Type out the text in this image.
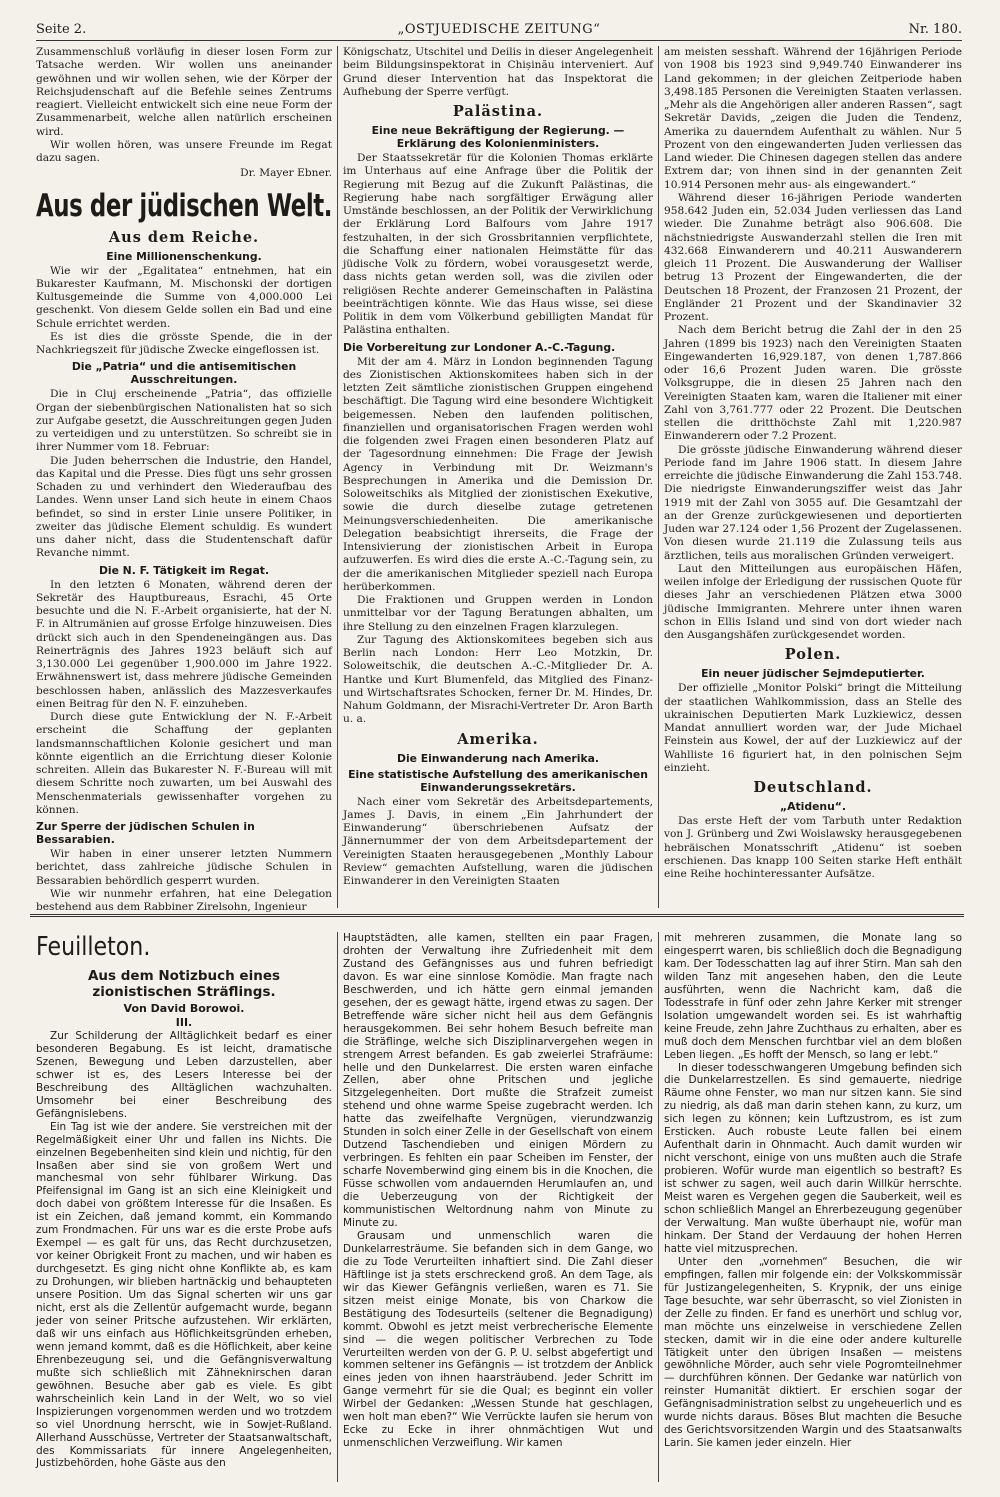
Seite 2.	„OSTJUEDISCHE ZEITUNG“	Nr. 180.

Zusammenschluß vorläufig in dieser losen Form zur Tatsache werden. Wir wollen uns aneinander gewöhnen und wir wollen sehen, wie der Körper der Reichsjudenschaft auf die Befehle seines Zentrums reagiert. Vielleicht entwickelt sich eine neue Form der Zusammenarbeit, welche allen natürlich erscheinen wird.

Wir wollen hören, was unsere Freunde im Regat dazu sagen.

Dr. Mayer Ebner.
Aus der jüdischen Welt.
Aus dem Reiche.
Eine Millionenschenkung.

Wie wir der „Egalitatea“ entnehmen, hat ein Bukarester Kaufmann, M. Mischonski der dortigen Kultusgemeinde die Summe von 4,000.000 Lei geschenkt. Von diesem Gelde sollen ein Bad und eine Schule errichtet werden.

Es ist dies die grösste Spende, die in der Nachkriegszeit für jüdische Zwecke eingeflossen ist.

Die „Patria“ und die antisemitischen Ausschreitungen.

Die in Cluj erscheinende „Patria“, das offizielle Organ der siebenbürgischen Nationalisten hat so sich zur Aufgabe gesetzt, die Ausschreitungen gegen Juden zu verteidigen und zu unterstützen. So schreibt sie in ihrer Nummer vom 18. Februar:

Die Juden beherrschen die Industrie, den Handel, das Kapital und die Presse. Dies fügt uns sehr grossen Schaden zu und verhindert den Wiederaufbau des Landes. Wenn unser Land sich heute in einem Chaos befindet, so sind in erster Linie unsere Politiker, in zweiter das jüdische Element schuldig. Es wundert uns daher nicht, dass die Studentenschaft dafür Revanche nimmt.

Die N. F. Tätigkeit im Regat.

In den letzten 6 Monaten, während deren der Sekretär des Hauptbureaus, Esrachi, 45 Orte besuchte und die N. F.-Arbeit organisierte, hat der N. F. in Altrumänien auf grosse Erfolge hinzuweisen. Dies drückt sich auch in den Spendeneingängen aus. Das Reinerträgnis des Jahres 1923 beläuft sich auf 3,130.000 Lei gegenüber 1,900.000 im Jahre 1922. Erwähnenswert ist, dass mehrere jüdische Gemeinden beschlossen haben, anlässlich des Mazzesverkaufes einen Beitrag für den N. F. einzuheben.

Durch diese gute Entwicklung der N. F.-Arbeit erscheint die Schaffung der geplanten landsmannschaftlichen Kolonie gesichert und man könnte eigentlich an die Errichtung dieser Kolonie schreiten. Allein das Bukarester N. F.-Bureau will mit diesem Schritte noch zuwarten, um bei Auswahl des Menschenmaterials gewissenhafter vorgehen zu können.

Zur Sperre der jüdischen Schulen in Bessarabien.

Wir haben in einer unserer letzten Nummern berichtet, dass zahlreiche jüdische Schulen in Bessarabien behördlich gesperrt wurden.

Wie wir nunmehr erfahren, hat eine Delegation bestehend aus dem Rabbiner Zirelsohn, Ingenieur

Königschatz, Utschitel und Deilis in dieser Angelegenheit beim Bildungsinspektorat in Chișinău interveniert. Auf Grund dieser Intervention hat das Inspektorat die Aufhebung der Sperre verfügt.

Palästina.
Eine neue Bekräftigung der Regierung. — Erklärung des Kolonienministers.

Der Staatssekretär für die Kolonien Thomas erklärte im Unterhaus auf eine Anfrage über die Politik der Regierung mit Bezug auf die Zukunft Palästinas, die Regierung habe nach sorgfältiger Erwägung aller Umstände beschlossen, an der Politik der Verwirklichung der Erklärung Lord Balfours vom Jahre 1917 festzuhalten, in der sich Grossbritannien verpflichtete, die Schaffung einer nationalen Heimstätte für das jüdische Volk zu fördern, wobei vorausgesetzt werde, dass nichts getan werden soll, was die zivilen oder religiösen Rechte anderer Gemeinschaften in Palästina beeinträchtigen könnte. Wie das Haus wisse, sei diese Politik in dem vom Völkerbund gebilligten Mandat für Palästina enthalten.

Die Vorbereitung zur Londoner A.-C.-Tagung.

Mit der am 4. März in London beginnenden Tagung des Zionistischen Aktionskomitees haben sich in der letzten Zeit sämtliche zionistischen Gruppen eingehend beschäftigt. Die Tagung wird eine besondere Wichtigkeit beigemessen. Neben den laufenden politischen, finanziellen und organisatorischen Fragen werden wohl die folgenden zwei Fragen einen besonderen Platz auf der Tagesordnung einnehmen: Die Frage der Jewish Agency in Verbindung mit Dr. Weizmann's Besprechungen in Amerika und die Demission Dr. Soloweitschiks als Mitglied der zionistischen Exekutive, sowie die durch dieselbe zutage getretenen Meinungsverschiedenheiten. Die amerikanische Delegation beabsichtigt ihrerseits, die Frage der Intensivierung der zionistischen Arbeit in Europa aufzuwerfen. Es wird dies die erste A.-C.-Tagung sein, zu der die amerikanischen Mitglieder speziell nach Europa herüberkommen.

Die Fraktionen und Gruppen werden in London unmittelbar vor der Tagung Beratungen abhalten, um ihre Stellung zu den einzelnen Fragen klarzulegen.

Zur Tagung des Aktionskomitees begeben sich aus Berlin nach London: Herr Leo Motzkin, Dr. Soloweitschik, die deutschen A.-C.-Mitglieder Dr. A. Hantke und Kurt Blumenfeld, das Mitglied des Finanz- und Wirtschaftsrates Schocken, ferner Dr. M. Hindes, Dr. Nahum Goldmann, der Misrachi-Vertreter Dr. Aron Barth u. a.

Amerika.
Die Einwanderung nach Amerika.
Eine statistische Aufstellung des amerikanischen Einwanderungssekretärs.

Nach einer vom Sekretär des Arbeitsdepartements, James J. Davis, in einem „Ein Jahrhundert der Einwanderung“ überschriebenen Aufsatz der Jännernummer der von dem Arbeitsdepartement der Vereinigten Staaten herausgegebenen „Monthly Labour Review“ gemachten Aufstellung, waren die jüdischen Einwanderer in den Vereinigten Staaten

am meisten sesshaft. Während der 16jährigen Periode von 1908 bis 1923 sind 9,949.740 Einwanderer ins Land gekommen; in der gleichen Zeitperiode haben 3,498.185 Personen die Vereinigten Staaten verlassen. „Mehr als die Angehörigen aller anderen Rassen“, sagt Sekretär Davids, „zeigen die Juden die Tendenz, Amerika zu dauerndem Aufenthalt zu wählen. Nur 5 Prozent von den eingewanderten Juden verliessen das Land wieder. Die Chinesen dagegen stellen das andere Extrem dar; von ihnen sind in der genannten Zeit 10.914 Personen mehr aus- als eingewandert.“

Während dieser 16-jährigen Periode wanderten 958.642 Juden ein, 52.034 Juden verliessen das Land wieder. Die Zunahme beträgt also 906.608. Die nächstniedrigste Auswanderzahl stellen die Iren mit 432.668 Einwanderern und 40.211 Auswanderern gleich 11 Prozent. Die Auswanderung der Walliser betrug 13 Prozent der Eingewanderten, die der Deutschen 18 Prozent, der Franzosen 21 Prozent, der Engländer 21 Prozent und der Skandinavier 32 Prozent.

Nach dem Bericht betrug die Zahl der in den 25 Jahren (1899 bis 1923) nach den Vereinigten Staaten Eingewanderten 16,929.187, von denen 1,787.866 oder 16,6 Prozent Juden waren. Die grösste Volksgruppe, die in diesen 25 Jahren nach den Vereinigten Staaten kam, waren die Italiener mit einer Zahl von 3,761.777 oder 22 Prozent. Die Deutschen stellen die dritthöchste Zahl mit 1,220.987 Einwanderern oder 7.2 Prozent.

Die grösste jüdische Einwanderung während dieser Periode fand im Jahre 1906 statt. In diesem Jahre erreichte die jüdische Einwanderung die Zahl 153.748. Die niedrigste Einwanderungsziffer weist das Jahr 1919 mit der Zahl von 3055 auf. Die Gesamtzahl der an der Grenze zurückgewiesenen und deportierten Juden war 27.124 oder 1,56 Prozent der Zugelassenen. Von diesen wurde 21.119 die Zulassung teils aus ärztlichen, teils aus moralischen Gründen verweigert.

Laut den Mitteilungen aus europäischen Häfen, weilen infolge der Erledigung der russischen Quote für dieses Jahr an verschiedenen Plätzen etwa 3000 jüdische Immigranten. Mehrere unter ihnen waren schon in Ellis Island und sind von dort wieder nach den Ausgangshäfen zurückgesendet worden.

Polen.
Ein neuer jüdischer Sejmdeputierter.

Der offizielle „Monitor Polski“ bringt die Mitteilung der staatlichen Wahlkommission, dass an Stelle des ukrainischen Deputierten Mark Luzkiewicz, dessen Mandat annulliert worden war, der Jude Michael Feinstein aus Kowel, der auf der Luzkiewicz auf der Wahlliste 16 figuriert hat, in den polnischen Sejm einzieht.

Deutschland.
„Atidenu“.

Das erste Heft der vom Tarbuth unter Redaktion von J. Grünberg und Zwi Woislawsky herausgegebenen hebräischen Monatsschrift „Atidenu“ ist soeben erschienen. Das knapp 100 Seiten starke Heft enthält eine Reihe hochinteressanter Aufsätze.

Feuilleton.
Aus dem Notizbuch eines zionistischen Sträflings.
Von David Borowoi.
III.

Zur Schilderung der Alltäglichkeit bedarf es einer besonderen Begabung. Es ist leicht, dramatische Szenen, Bewegung und Leben darzustellen, aber schwer ist es, des Lesers Interesse bei der Beschreibung des Alltäglichen wachzuhalten. Umsomehr bei einer Beschreibung des Gefängnislebens.

Ein Tag ist wie der andere. Sie verstreichen mit der Regelmäßigkeit einer Uhr und fallen ins Nichts. Die einzelnen Begebenheiten sind klein und nichtig, für den Insaßen aber sind sie von großem Wert und manchesmal von sehr fühlbarer Wirkung. Das Pfeifensignal im Gang ist an sich eine Kleinigkeit und doch dabei von größtem Interesse für die Insaßen. Es ist ein Zeichen, daß jemand kommt, ein Kommando zum Frondmachen. Für uns war es die erste Probe aufs Exempel — es galt für uns, das Recht durchzusetzen, vor keiner Obrigkeit Front zu machen, und wir haben es durchgesetzt. Es ging nicht ohne Konflikte ab, es kam zu Drohungen, wir blieben hartnäckig und behaupteten unsere Position. Um das Signal scherten wir uns gar nicht, erst als die Zellentür aufgemacht wurde, begann jeder von seiner Pritsche aufzustehen. Wir erklärten, daß wir uns einfach aus Höflichkeitsgründen erheben, wenn jemand kommt, daß es die Höflichkeit, aber keine Ehrenbezeugung sei, und die Gefängnisverwaltung mußte sich schließlich mit Zähneknirschen daran gewöhnen. Besuche aber gab es viele. Es gibt wahrscheinlich kein Land in der Welt, wo so viel Inspizierungen vorgenommen werden und wo trotzdem so viel Unordnung herrscht, wie in Sowjet-Rußland. Allerhand Ausschüsse, Vertreter der Staatsanwaltschaft, des Kommissariats für innere Angelegenheiten, Justizbehörden, hohe Gäste aus den

Hauptstädten, alle kamen, stellten ein paar Fragen, drohten der Verwaltung ihre Zufriedenheit mit dem Zustand des Gefängnisses aus und fuhren befriedigt davon. Es war eine sinnlose Komödie. Man fragte nach Beschwerden, und ich hätte gern einmal jemanden gesehen, der es gewagt hätte, irgend etwas zu sagen. Der Betreffende wäre sicher nicht heil aus dem Gefängnis herausgekommen. Bei sehr hohem Besuch befreite man die Sträflinge, welche sich Disziplinarvergehen wegen in strengem Arrest befanden. Es gab zweierlei Strafräume: helle und den Dunkelarrest. Die ersten waren einfache Zellen, aber ohne Pritschen und jegliche Sitzgelegenheiten. Dort mußte die Strafzeit zumeist stehend und ohne warme Speise zugebracht werden. Ich hatte das zweifelhafte Vergnügen, vierundzwanzig Stunden in solch einer Zelle in der Gesellschaft von einem Dutzend Taschendieben und einigen Mördern zu verbringen. Es fehlten ein paar Scheiben im Fenster, der scharfe Novemberwind ging einem bis in die Knochen, die Füsse schwollen vom andauernden Herumlaufen an, und die Ueberzeugung von der Richtigkeit der kommunistischen Weltordnung nahm von Minute zu Minute zu.

Grausam und unmenschlich waren die Dunkelarresträume. Sie befanden sich in dem Gange, wo die zu Tode Verurteilten inhaftiert sind. Die Zahl dieser Häftlinge ist ja stets erschreckend groß. An dem Tage, als wir das Kiewer Gefängnis verließen, waren es 71. Sie sitzen meist einige Monate, bis von Charkow die Bestätigung des Todesurteils (seltener die Begnadigung) kommt. Obwohl es jetzt meist verbrecherische Elemente sind — die wegen politischer Verbrechen zu Tode Verurteilten werden von der G. P. U. selbst abgefertigt und kommen seltener ins Gefängnis — ist trotzdem der Anblick eines jeden von ihnen haarsträubend. Jeder Schritt im Gange vermehrt für sie die Qual; es beginnt ein voller Wirbel der Gedanken: „Wessen Stunde hat geschlagen, wen holt man eben?“ Wie Verrückte laufen sie herum von Ecke zu Ecke in ihrer ohnmächtigen Wut und unmenschlichen Verzweiflung. Wir kamen

mit mehreren zusammen, die Monate lang so eingesperrt waren, bis schließlich doch die Begnadigung kam. Der Todesschatten lag auf ihrer Stirn. Man sah den wilden Tanz mit angesehen haben, den die Leute ausführten, wenn die Nachricht kam, daß die Todesstrafe in fünf oder zehn Jahre Kerker mit strenger Isolation umgewandelt worden sei. Es ist wahrhaftig keine Freude, zehn Jahre Zuchthaus zu erhalten, aber es muß doch dem Menschen furchtbar viel an dem bloßen Leben liegen. „Es hofft der Mensch, so lang er lebt.“

In dieser todesschwangeren Umgebung befinden sich die Dunkelarrestzellen. Es sind gemauerte, niedrige Räume ohne Fenster, wo man nur sitzen kann. Sie sind zu niedrig, als daß man darin stehen kann, zu kurz, um sich legen zu können; kein Luftzustrom, es ist zum Ersticken. Auch robuste Leute fallen bei einem Aufenthalt darin in Ohnmacht. Auch damit wurden wir nicht verschont, einige von uns mußten auch die Strafe probieren. Wofür wurde man eigentlich so bestraft? Es ist schwer zu sagen, weil auch darin Willkür herrschte. Meist waren es Vergehen gegen die Sauberkeit, weil es schon schließlich Mangel an Ehrerbezeugung gegenüber der Verwaltung. Man wußte überhaupt nie, wofür man hinkam. Der Stand der Verdauung der hohen Herren hatte viel mitzusprechen.

Unter den „vornehmen“ Besuchen, die wir empfingen, fallen mir folgende ein: der Volkskommissär für Justizangelegenheiten, S. Krypnik, der uns einige Tage besuchte, war sehr überrascht, so viel Zionisten in der Zelle zu finden. Er fand es unerhört und schlug vor, man möchte uns einzelweise in verschiedene Zellen stecken, damit wir in die eine oder andere kulturelle Tätigkeit unter den übrigen Insaßen — meistens gewöhnliche Mörder, auch sehr viele Pogromteilnehmer — durchführen können. Der Gedanke war natürlich von reinster Humanität diktiert. Er erschien sogar der Gefängnisadministration selbst zu ungeheuerlich und es wurde nichts daraus. Böses Blut machten die Besuche des Gerichtsvorsitzenden Wargin und des Staatsanwalts Larin. Sie kamen jeder einzeln. Hier
